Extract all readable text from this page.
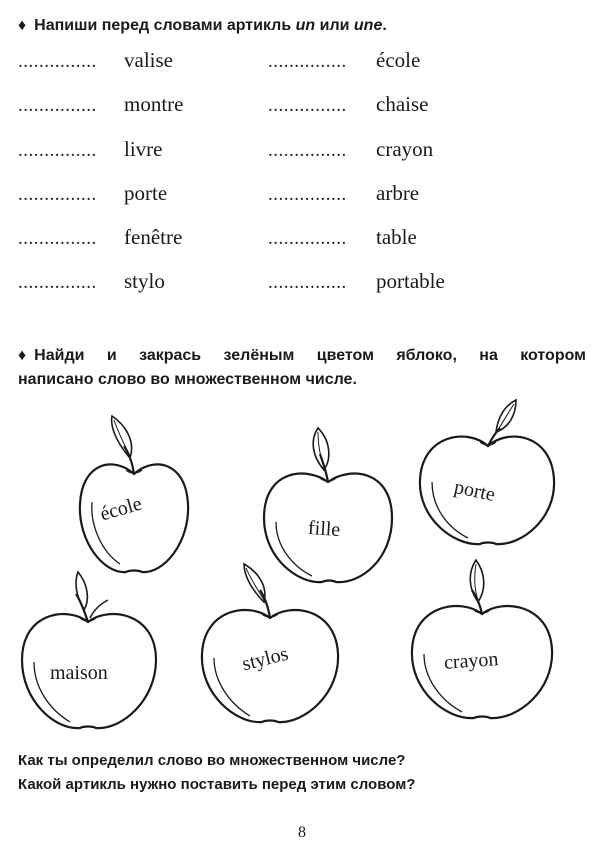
♦ Напиши перед словами артикль un или une.
............... valise
............... montre
............... livre
............... porte
............... fenêtre
............... stylo
............... école
............... chaise
............... crayon
............... arbre
............... table
............... portable
♦ Найди и закрась зелёным цветом яблоко, на котором
написано слово во множественном числе.
école
fille
porte
maison	stylos	crayon
Как ты определил слово во множественном числе?
Какой артикль нужно поставить перед этим словом?
8
